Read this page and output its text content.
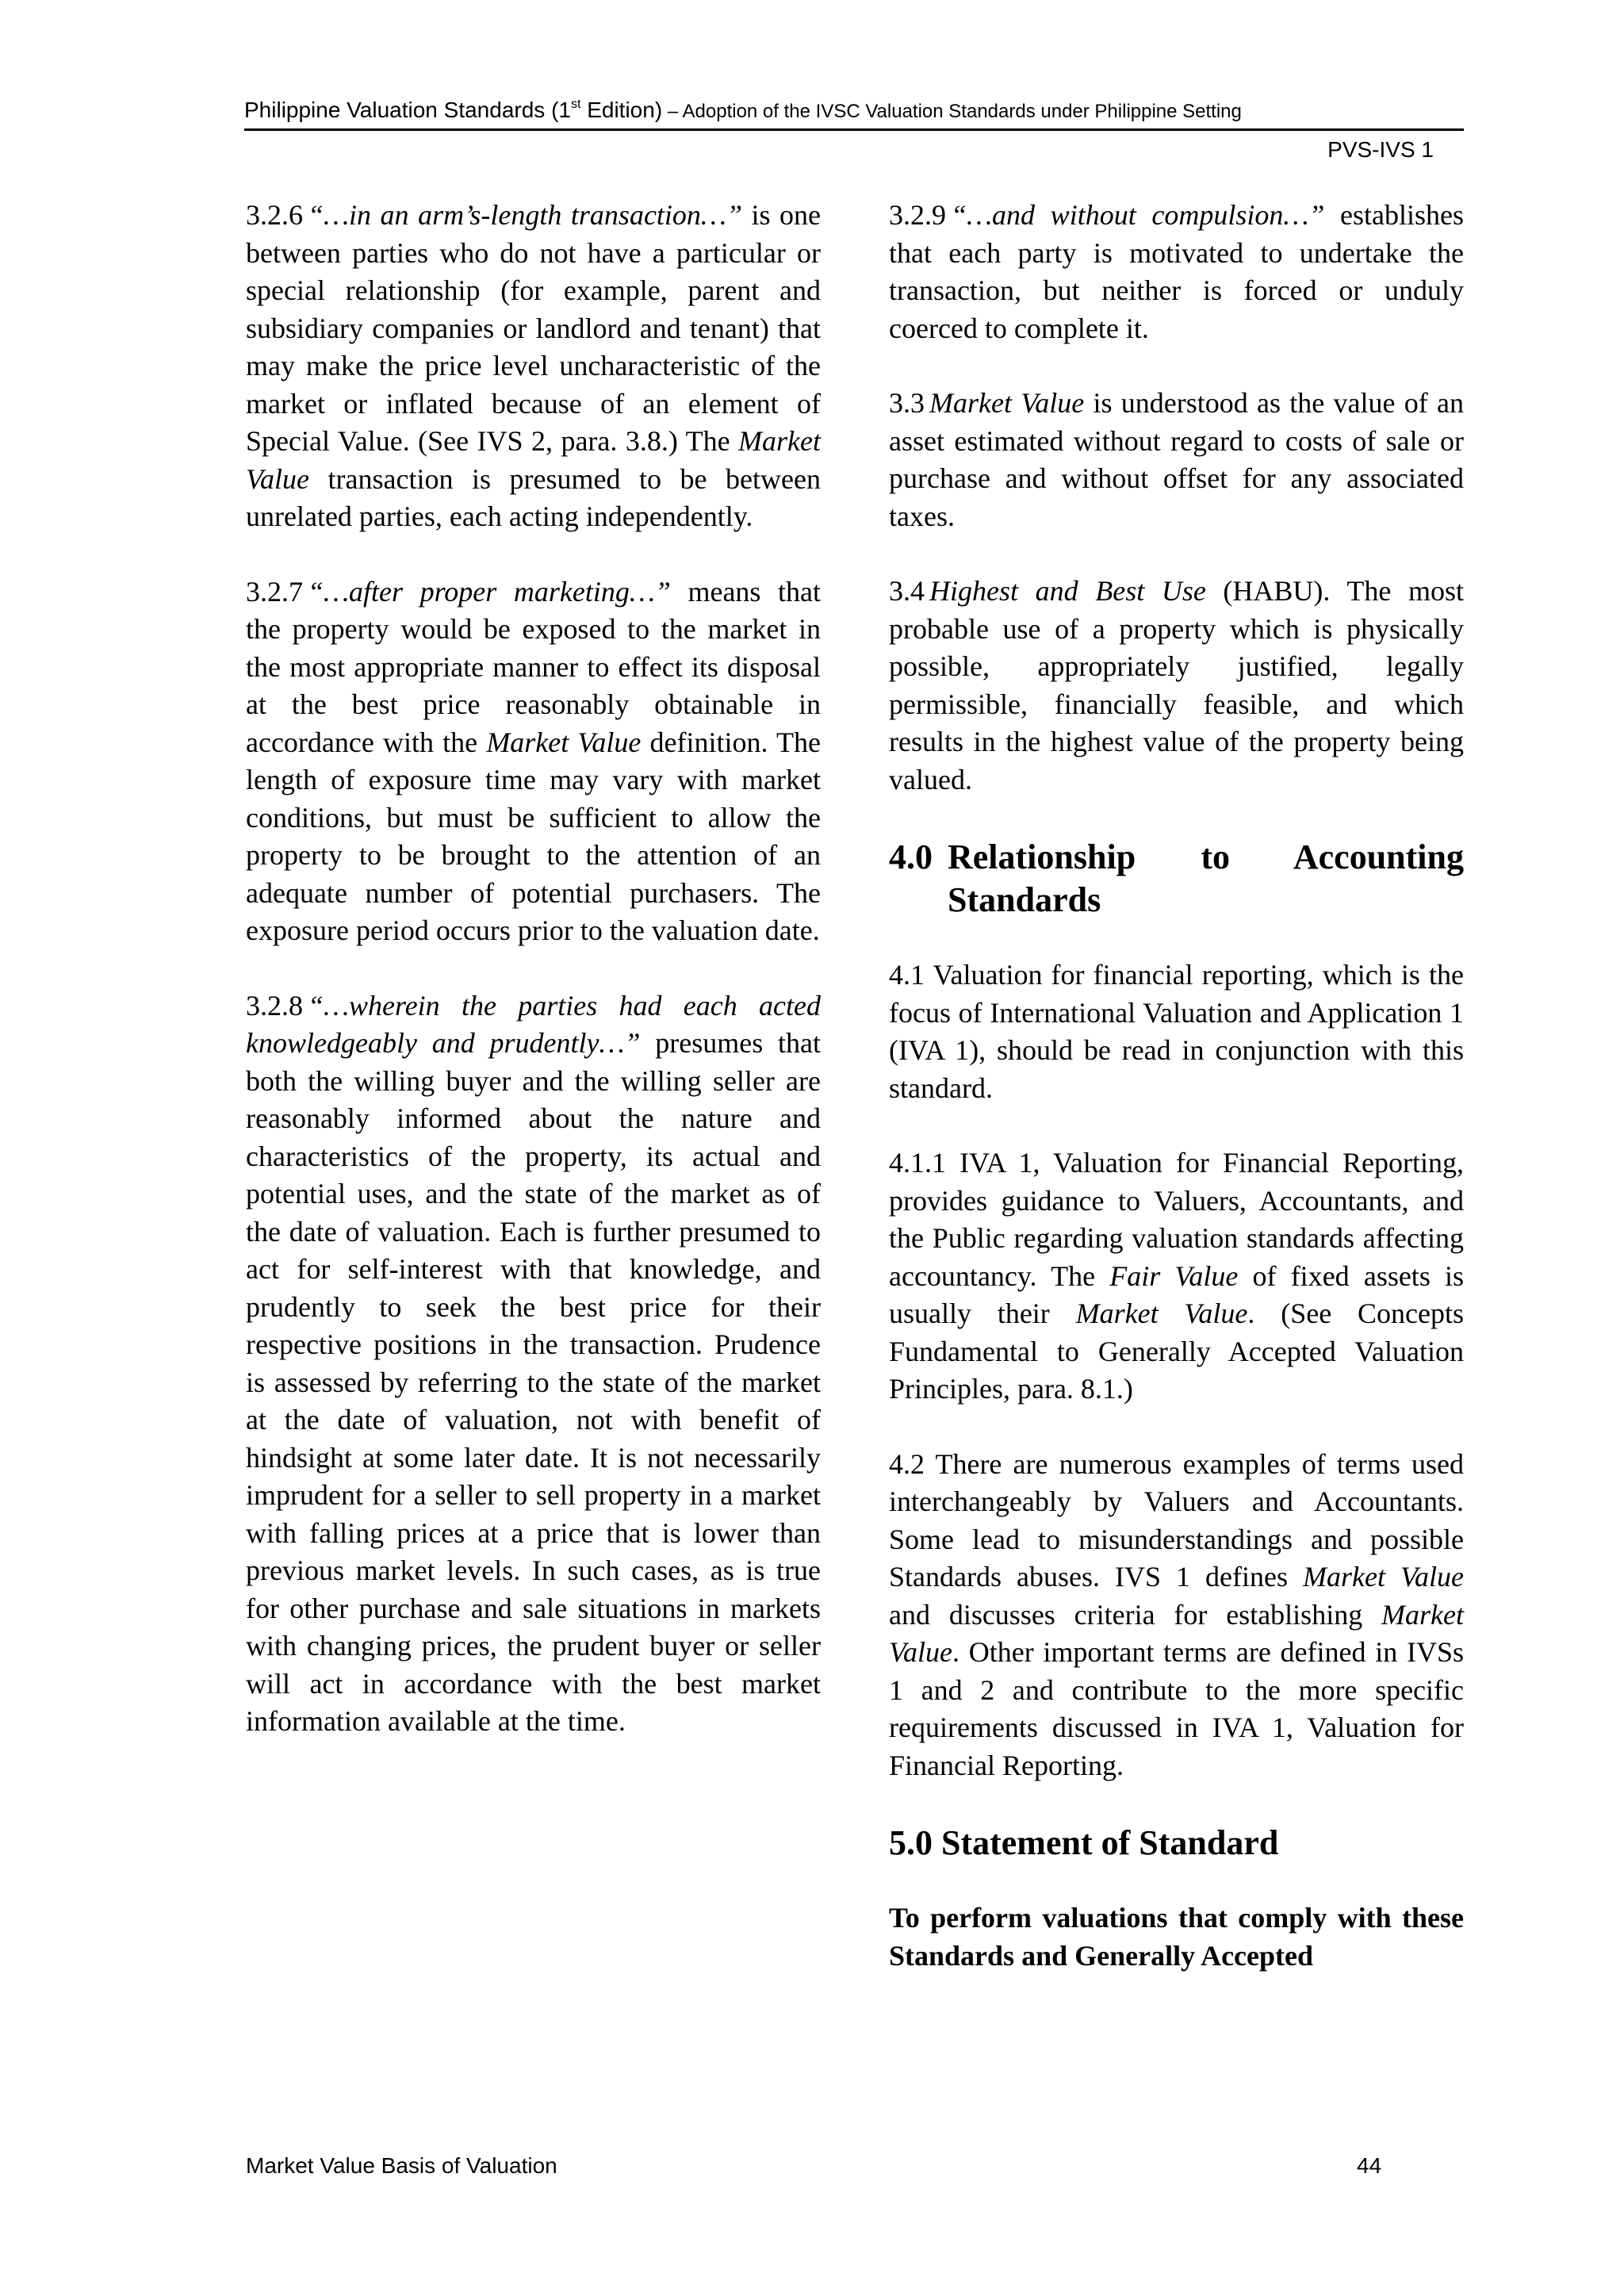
Philippine Valuation Standards (1st Edition) – Adoption of the IVSC Valuation Standards under Philippine Setting
PVS-IVS 1

3.2.6 “…in an arm’s-length transaction…” is one between parties who do not have a particular or special relationship (for example, parent and subsidiary companies or landlord and tenant) that may make the price level uncharacteristic of the market or inflated because of an element of Special Value. (See IVS 2, para. 3.8.) The Market Value transaction is presumed to be between unrelated parties, each acting independently.

3.2.7 “…after proper marketing…” means that the property would be exposed to the market in the most appropriate manner to effect its disposal at the best price reasonably obtainable in accordance with the Market Value definition. The length of exposure time may vary with market conditions, but must be sufficient to allow the property to be brought to the attention of an adequate number of potential purchasers. The exposure period occurs prior to the valuation date.

3.2.8 “…wherein the parties had each acted knowledgeably and prudently…” presumes that both the willing buyer and the willing seller are reasonably informed about the nature and characteristics of the property, its actual and potential uses, and the state of the market as of the date of valuation. Each is further presumed to act for self-interest with that knowledge, and prudently to seek the best price for their respective positions in the transaction. Prudence is assessed by referring to the state of the market at the date of valuation, not with benefit of hindsight at some later date. It is not necessarily imprudent for a seller to sell property in a market with falling prices at a price that is lower than previous market levels. In such cases, as is true for other purchase and sale situations in markets with changing prices, the prudent buyer or seller will act in accordance with the best market information available at the time.

3.2.9 “…and without compulsion…” establishes that each party is motivated to undertake the transaction, but neither is forced or unduly coerced to complete it.

3.3 Market Value is understood as the value of an asset estimated without regard to costs of sale or purchase and without offset for any associated taxes.

3.4 Highest and Best Use (HABU). The most probable use of a property which is physically possible, appropriately justified, legally permissible, financially feasible, and which results in the highest value of the property being valued.

4.0 Relationship to Accounting
Standards

4.1 Valuation for financial reporting, which is the focus of International Valuation and Application 1 (IVA 1), should be read in conjunction with this standard.

4.1.1 IVA 1, Valuation for Financial Reporting, provides guidance to Valuers, Accountants, and the Public regarding valuation standards affecting accountancy. The Fair Value of fixed assets is usually their Market Value. (See Concepts Fundamental to Generally Accepted Valuation Principles, para. 8.1.)

4.2 There are numerous examples of terms used interchangeably by Valuers and Accountants. Some lead to misunderstandings and possible Standards abuses. IVS 1 defines Market Value and discusses criteria for establishing Market Value. Other important terms are defined in IVSs 1 and 2 and contribute to the more specific requirements discussed in IVA 1, Valuation for Financial Reporting.

5.0 Statement of Standard

To perform valuations that comply with these Standards and Generally Accepted

Market Value Basis of Valuation	44
